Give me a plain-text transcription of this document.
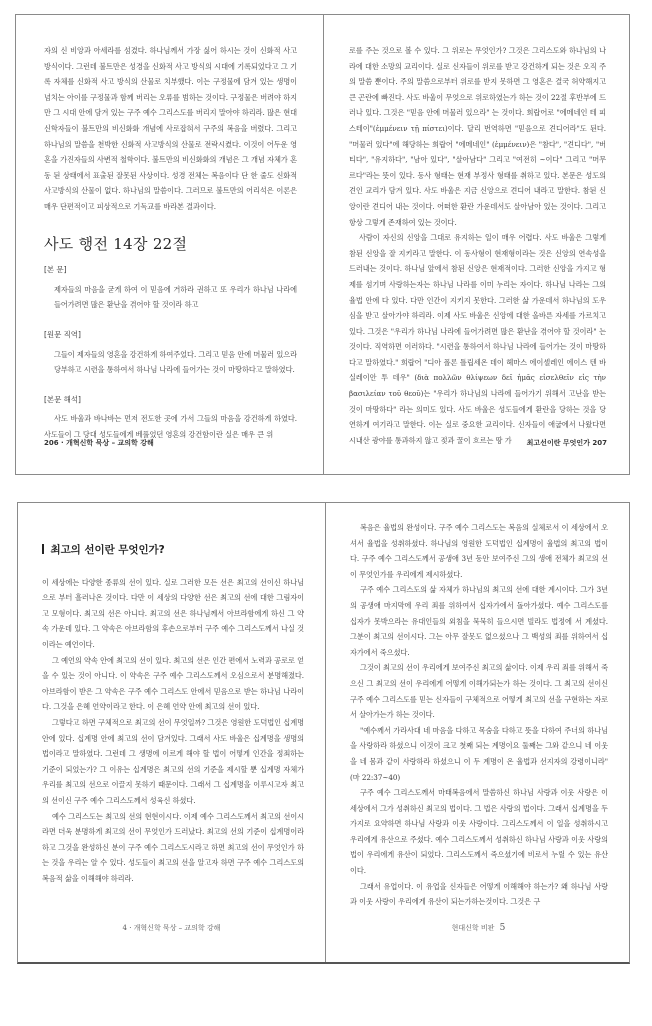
자의 신 비앙과 아세라를 섬겼다. 하나님께서 가장 싫어 하시는 것이 신화적 사고 방식이다. 그런데 불트만은 성경을 신화적 사고 방식의 시대에 기록되었다고 그 기록 자체를 신화적 사고 방식의 산물로 치부했다. 이는 구정물에 담겨 있는 생명이 넘치는 아이를 구정물과 함께 버리는 오류를 범하는 것이다. 구정물은 버려야 하지만 그 시대 안에 담겨 있는 구주 예수 그리스도를 버리지 말아야 하리라. 많은 현대 신학자들이 불트만의 비신화화 개념에 사로잡혀서 구주의 복음을 버렸다. 그리고 하나님의 말씀을 천박한 신화적 사고방식의 산물로 전락시켰다. 이것이 어두운 영혼을 가진자들의 사변적 철학이다. 불트만의 비신화화의 개념은 그 개념 자체가 혼동 된 상태에서 표출된 잘못된 사상이다. 성경 전체는 복음이다 단 한 줄도 신화적 사고방식의 산물이 없다. 하나님의 말씀이다. 그러므로 불트만의 어리석은 이론은 매우 단편적이고 피상적으로 기독교를 바라본 결과이다.

사도 행전 14장 22절
[본 문]

제자들의 마음을 굳게 하여 이 믿음에 거하라 권하고 또 우리가 하나님 나라에 들어가려면 많은 환난을 겪어야 할 것이라 하고

[원문 직역]

그들이 제자들의 영혼을 강건하게 하여주었다. 그리고 믿음 안에 머물러 있으라 당부하고 시련을 통하여서 하나님 나라에 들어가는 것이 마땅하다고 말하였다.

[본문 해석]

사도 바울과 바나바는 먼저 전도한 곳에 가서 그들의 마음을 강건하게 하였다. 사도들이 그 당대 성도들에게 베풀었던 영혼의 강건함이란 실은 매우 큰 위

206 · 개혁신학 묵상 – 교의학 강해

로를 주는 것으로 볼 수 있다. 그 위로는 무엇인가? 그것은 그리스도와 하나님의 나라에 대한 소망의 교리이다. 실로 신자들이 위로를 받고 강건하게 되는 것은 오직 주의 말씀 뿐이다. 주의 말씀으로부터 위로를 받지 못하면 그 영혼은 결국 허약해지고 큰 곤란에 빠진다. 사도 바울이 무엇으로 위로하였는가 하는 것이 22절 후반부에 드러나 있다. 그것은 "믿음 안에 머물러 있으라" 는 것이다. 희랍어로 "에메네인 테 피스테이"(ἐμμένειν τῇ πίστει)이다. 달리 번역하면 "믿음으로 견디어라"도 된다. "머물러 있다"에 해당하는 희랍어 "에메네인" (ἐμμένειν)은 "참다", "견디다", "버티다", "유지하다", "남아 있다", "살아남다" 그리고 "여전히 ~이다" 그리고 "머무르다"라는 뜻이 있다. 동사 형태는 현재 부정사 형태를 취하고 있다. 본문은 성도의 견인 교리가 담겨 있다. 사도 바울은 지금 신앙으로 견디어 내라고 말한다. 참된 신앙이란 견디어 내는 것이다. 어떠한 환란 가운데서도 살아남아 있는 것이다. 그리고 항상 그렇게 존재하여 있는 것이다.

사람이 자신의 신앙을 그대로 유지하는 일이 매우 어렵다. 사도 바울은 그렇게 참된 신앙을 잘 지키라고 말한다. 이 동사형이 현재형이라는 것은 신앙의 연속성을 드러내는 것이다. 하나님 앞에서 참된 신앙은 현재적이다. 그러한 신앙을 가지고 형제를 섬기며 사랑하는자는 하나님 나라를 이미 누리는 자이다. 하나님 나라는 그의 율법 안에 다 있다. 다만 인간이 지키지 못한다. 그러한 삶 가운데서 하나님의 도우심을 받고 살아가야 하리라. 이제 사도 바울은 신앙에 대한 올바른 자세를 가르치고있다. 그것은 "우리가 하나님 나라에 들어가려면 많은 환난을 겪어야 할 것이라" 는 것이다. 직역하면 이러하다. "시련을 통하여서 하나님 나라에 들어가는 것이 마땅하다고 말하였다." 희랍어 "디아 폴론 틀립세온 데이 헤마스 에이셀레인 에이스 텐 바실레이안 투 데우" (διὰ πολλῶν θλίψεων δεῖ ἡμᾶς εἰσελθεῖν εἰς τὴν βασιλείαν τοῦ θεοῦ)는 "우리가 하나님의 나라에 들어가기 위해서 고난을 받는 것이 마땅하다" 라는 의미도 있다. 사도 바울은 성도들에게 환란을 당하는 것을 당연하게 여기라고 말한다. 이는 실로 중요한 교리이다. 신자들이 애굽에서 나왔다면 시내산 광야를 통과하지 않고 젖과 꿀이 흐르는 땅 가	최고선이란 무엇인가 207
최고의 선이란 무엇인가?

이 세상에는 다양한 종류의 선이 있다. 실로 그러한 모든 선은 최고의 선이신 하나님으로 부터 흘러나온 것이다. 다만 이 세상의 다양한 선은 최고의 선에 대한 그림자이고 모형이다. 최고의 선은 아니다. 최고의 선은 하나님께서 아브라함에게 하신 그 약속 가운데 있다. 그 약속은 아브라함의 후손으로부터 구주 예수 그리스도께서 나실 것이라는 예언이다.

그 예언의 약속 안에 최고의 선이 있다. 최고의 선은 인간 편에서 노력과 공로로 얻을 수 있는 것이 아니다. 이 약속은 구주 예수 그리스도께서 오심으로서 분명해졌다. 아브라함이 받은 그 약속은 구주 예수 그리스도 안에서 믿음으로 받는 하나님 나라이다. 그것을 은혜 언약이라고 한다. 이 은혜 언약 안에 최고의 선이 있다.

그렇다고 하면 구체적으로 최고의 선이 무엇일까? 그것은 영원한 도덕법인 십계명 안에 있다. 십계명 안에 최고의 선이 담겨있다. 그래서 사도 바울은 십계명을 생명의 법이라고 말하였다. 그런데 그 생명에 이르게 해야 할 법이 어떻게 인간을 정죄하는 기준이 되었는가? 그 이유는 십계명은 최고의 선의 기준을 제시할 뿐 십계명 자체가 우리를 최고의 선으로 이끌지 못하기 때문이다. 그래서 그 십계명을 이루시고자 최고의 선이신 구주 예수 그리스도께서 성육신 하셨다.

예수 그리스도는 최고의 선의 현현이시다. 이제 예수 그리스도께서 최고의 선이시라면 더욱 분명하게 최고의 선이 무엇인가 드러났다. 최고의 선의 기준이 십계명이라 하고 그것을 완성하신 분이 구주 예수 그리스도시라고 하면 최고의 선이 무엇인가 하는 것을 우리는 알 수 있다. 성도들이 최고의 선을 알고자 하면 구주 예수 그리스도의 복음적 삶을 이해해야 하리라.

4 · 개혁신학 묵상 – 교의학 강해

복음은 율법의 완성이다. 구주 예수 그리스도는 복음의 실체로서 이 세상에서 오셔서 율법을 성취하셨다. 하나님의 영원한 도덕법인 십계명이 율법의 최고의 법이다. 구주 예수 그리스도께서 공생애 3년 동안 보여주신 그의 생애 전체가 최고의 선이 무엇인가를 우리에게 제시하셨다.

구주 예수 그리스도의 삶 자체가 하나님의 최고의 선에 대한 계시이다. 그가 3년의 공생애 마지막에 우리 죄를 위하여서 십자가에서 돌아가셨다. 예수 그리스도를 십자가 못박으라는 유대인들의 외침을 묵묵히 들으시면 빌라도 법정에 서 계셨다. 그분이 최고의 선이시다. 그는 아무 잘못도 없으셨으나 그 백성의 죄를 위하여서 십자가에서 죽으셨다.

그것이 최고의 선이 우리에게 보여주신 최고의 삶이다. 이제 우리 죄를 위해서 죽으신 그 최고의 선이 우리에게 어떻게 이해가되는가 하는 것이다. 그 최고의 선이신 구주 예수 그리스도를 믿는 신자들이 구체적으로 어떻게 최고의 선을 구현하는 자로서 살아가는가 하는 것이다.

"예수께서 가라사대 네 마음을 다하고 목숨을 다하고 뜻을 다하여 주너의 하나님을 사랑하라 하셨으니 이것이 크고 첫째 되는 계명이요 둘째는 그와 같으니 네 이웃을 네 몸과 같이 사랑하라 하셨으니 이 두 계명이 온 율법과 선지자의 강령이니라" (마 22:37~40)

구주 예수 그리스도께서 마태복음에서 말씀하신 하나님 사랑과 이웃 사랑은 이 세상에서 그가 성취하신 최고의 법이다. 그 법은 사랑의 법이다. 그래서 십계명을 두 가지로 요약하면 하나님 사랑과 이웃 사랑이다. 그리스도께서 이 일을 성취하시고 우리에게 유산으로 주셨다. 예수 그리스도께서 성취하신 하나님 사랑과 이웃 사랑의 법이 우리에게 유산이 되었다. 그리스도께서 죽으셨기에 비로서 누릴 수 있는 유산이다.

그래서 유업이다. 이 유업을 신자들은 어떻게 이해해야 하는가? 왜 하나님 사랑과 이웃 사랑이 우리에게 유산이 되는가하는것이다. 그것은 구

현대신학 비판 5
